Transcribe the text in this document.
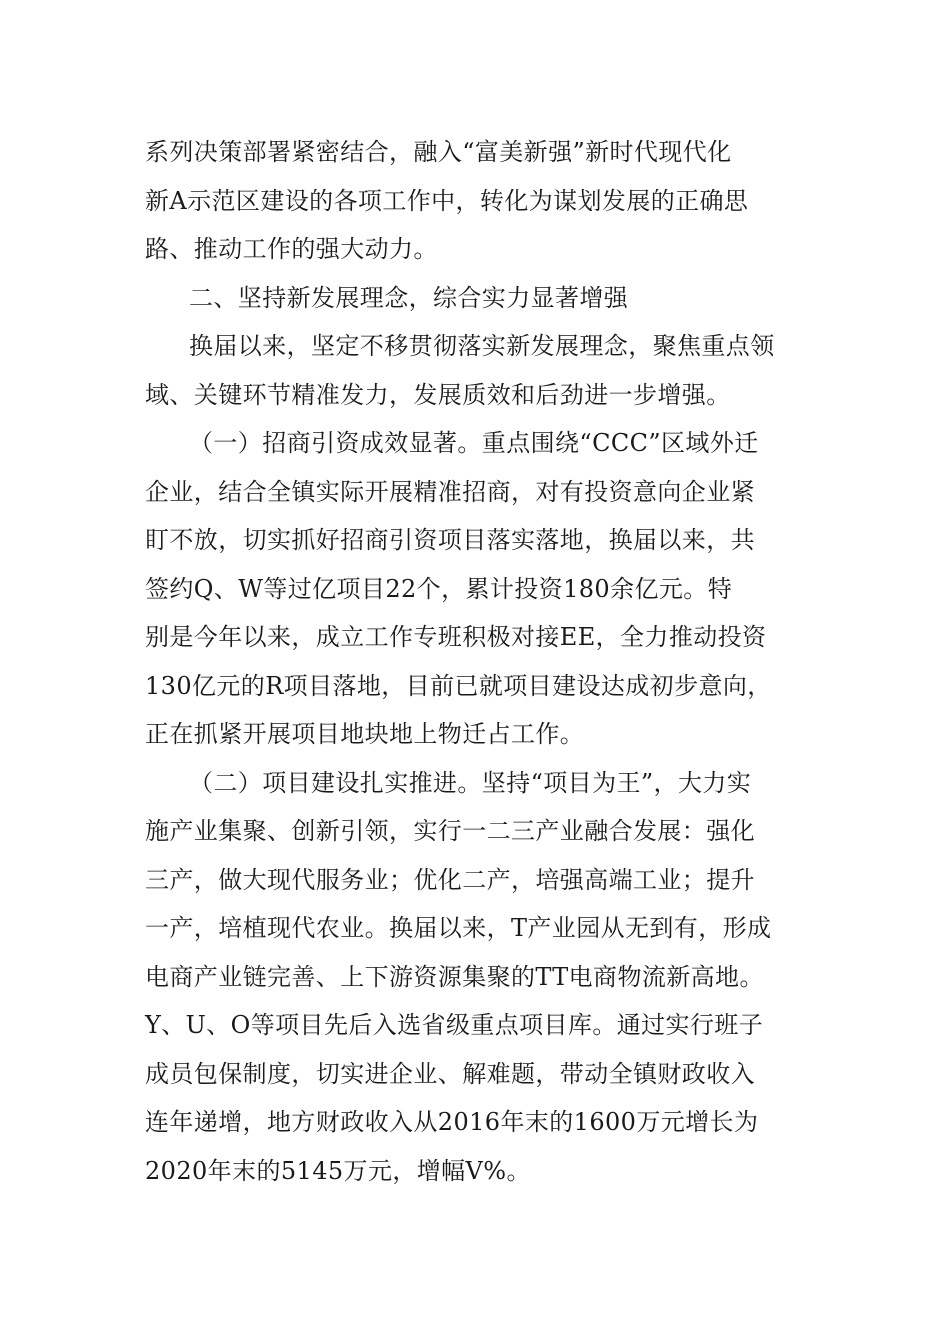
系列决策部署紧密结合，融入“富美新强”新时代现代化
新A示范区建设的各项工作中，转化为谋划发展的正确思
路、推动工作的强大动力。
二、坚持新发展理念，综合实力显著增强
换届以来，坚定不移贯彻落实新发展理念，聚焦重点领
域、关键环节精准发力，发展质效和后劲进一步增强。
（一）招商引资成效显著。重点围绕“CCC”区域外迁
企业，结合全镇实际开展精准招商，对有投资意向企业紧
盯不放，切实抓好招商引资项目落实落地，换届以来，共
签约Q、W等过亿项目22个，累计投资180余亿元。特
别是今年以来，成立工作专班积极对接EE，全力推动投资
130亿元的R项目落地，目前已就项目建设达成初步意向，
正在抓紧开展项目地块地上物迁占工作。
（二）项目建设扎实推进。坚持“项目为王”，大力实
施产业集聚、创新引领，实行一二三产业融合发展：强化
三产，做大现代服务业；优化二产，培强高端工业；提升
一产，培植现代农业。换届以来，T产业园从无到有，形成
电商产业链完善、上下游资源集聚的TT电商物流新高地。
Y、U、O等项目先后入选省级重点项目库。通过实行班子
成员包保制度，切实进企业、解难题，带动全镇财政收入
连年递增，地方财政收入从2016年末的1600万元增长为
2020年末的5145万元，增幅V%。
